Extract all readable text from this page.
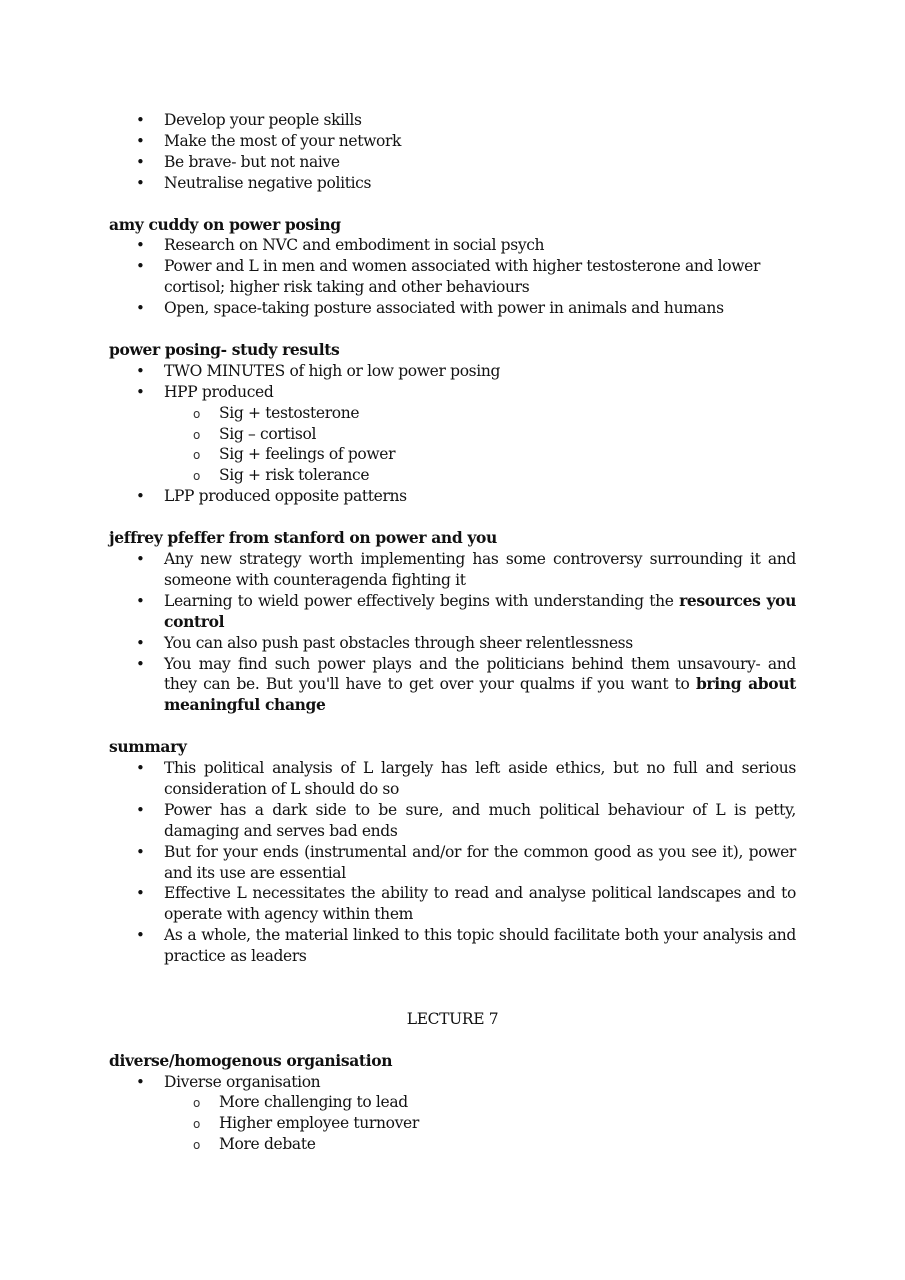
• Develop your people skills
• Make the most of your network
• Be brave- but not naive
• Neutralise negative politics
amy cuddy on power posing
• Research on NVC and embodiment in social psych
• Power and L in men and women associated with higher testosterone and lower cortisol; higher risk taking and other behaviours
• Open, space-taking posture associated with power in animals and humans
power posing- study results
• TWO MINUTES of high or low power posing
• HPP produced
o Sig + testosterone
o Sig – cortisol
o Sig + feelings of power
o Sig + risk tolerance
• LPP produced opposite patterns
jeffrey pfeffer from stanford on power and you
• Any new strategy worth implementing has some controversy surrounding it and someone with counteragenda fighting it
• Learning to wield power effectively begins with understanding the resources you control
• You can also push past obstacles through sheer relentlessness
• You may find such power plays and the politicians behind them unsavoury- and they can be. But you'll have to get over your qualms if you want to bring about meaningful change
summary
• This political analysis of L largely has left aside ethics, but no full and serious consideration of L should do so
• Power has a dark side to be sure, and much political behaviour of L is petty, damaging and serves bad ends
• But for your ends (instrumental and/or for the common good as you see it), power and its use are essential
• Effective L necessitates the ability to read and analyse political landscapes and to operate with agency within them
• As a whole, the material linked to this topic should facilitate both your analysis and practice as leaders
LECTURE 7
diverse/homogenous organisation
• Diverse organisation
o More challenging to lead
o Higher employee turnover
o More debate
